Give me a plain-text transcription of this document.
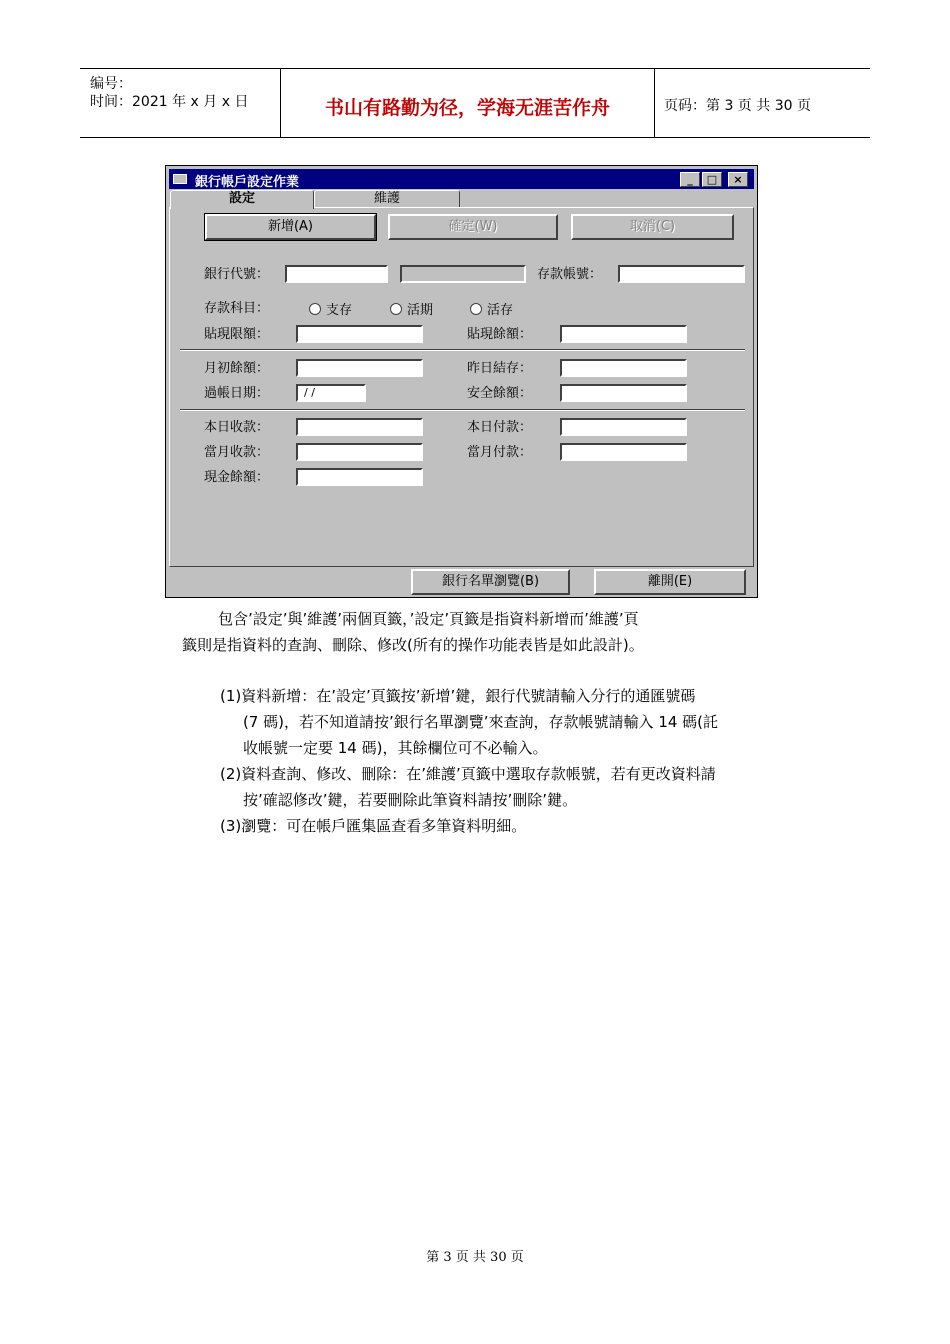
编号：
时间：2021 年 x 月 x 日	书山有路勤为径，学海无涯苦作舟	页码：第 3 页 共 30 页
銀行帳戶設定作業	_	□	×
設定	維護
新增(A)	確定(W)	取消(C)
銀行代號：	存款帳號：
存款科目：	支存	活期	活存
貼現限額：	貼現餘額：
月初餘額：	昨日結存：
過帳日期：	/ /	安全餘額：
本日收款：	本日付款：
當月收款：	當月付款：
現金餘額：
銀行名單瀏覽(B)	離開(E)
包含’設定’與’維護’兩個頁籤，’設定’頁籤是指資料新增而’維護’頁
籤則是指資料的查詢、刪除、修改(所有的操作功能表皆是如此設計)。
(1)資料新增：在’設定’頁籤按’新增’鍵，銀行代號請輸入分行的通匯號碼
(7 碼)，若不知道請按’銀行名單瀏覽’來查詢，存款帳號請輸入 14 碼(託
收帳號一定要 14 碼)，其餘欄位可不必輸入。
(2)資料查詢、修改、刪除：在’維護’頁籤中選取存款帳號，若有更改資料請
按’確認修改’鍵，若要刪除此筆資料請按’刪除’鍵。
(3)瀏覽：可在帳戶匯集區查看多筆資料明細。
第 3 页 共 30 页
